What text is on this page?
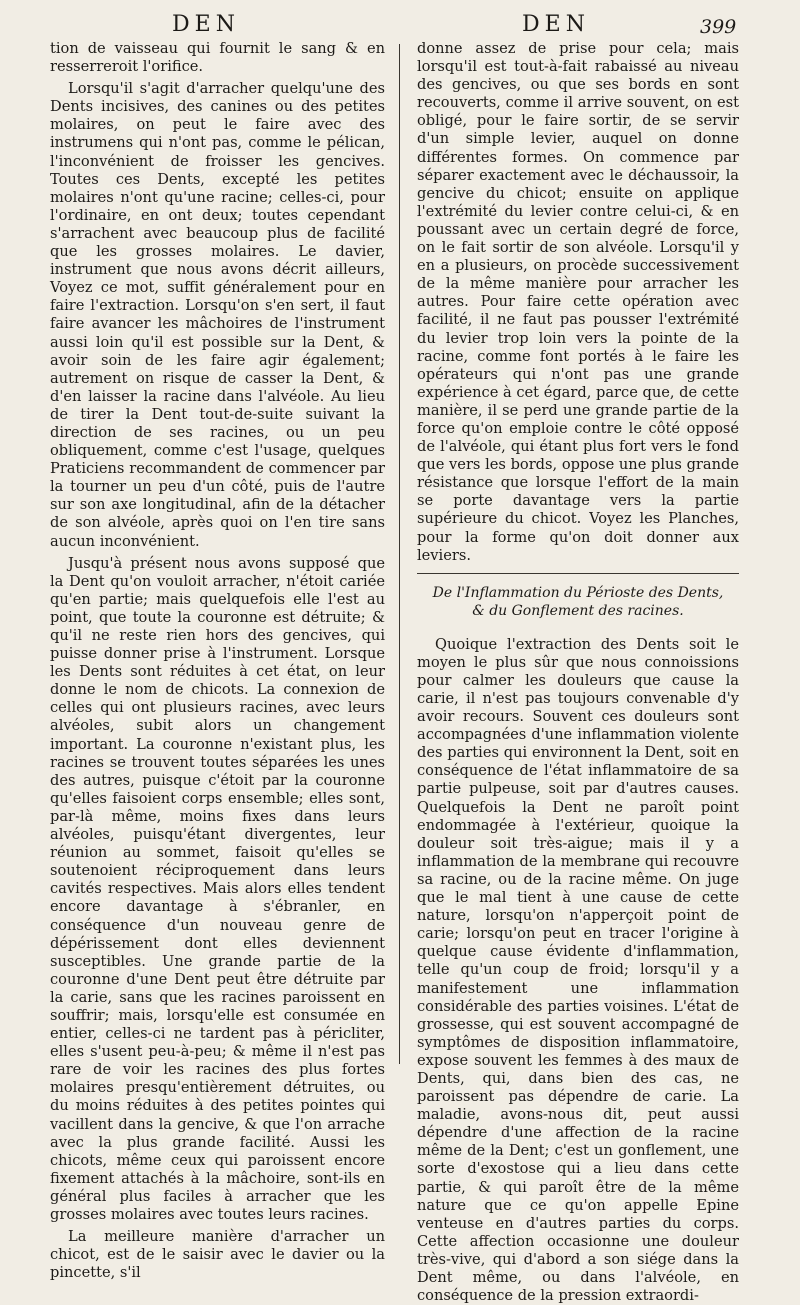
DEN	DEN	399

tion de vaisseau qui fournit le sang & en resserreroit l'orifice.

Lorsqu'il s'agit d'arracher quelqu'une des Dents incisives, des canines ou des petites molaires, on peut le faire avec des instrumens qui n'ont pas, comme le pélican, l'inconvénient de froisser les gencives. Toutes ces Dents, excepté les petites molaires n'ont qu'une racine; celles-ci, pour l'ordinaire, en ont deux; toutes cependant s'arrachent avec beaucoup plus de facilité que les grosses molaires. Le davier, instrument que nous avons décrit ailleurs, Voyez ce mot, suffit généralement pour en faire l'extraction. Lorsqu'on s'en sert, il faut faire avancer les mâchoires de l'instrument aussi loin qu'il est possible sur la Dent, & avoir soin de les faire agir également; autrement on risque de casser la Dent, & d'en laisser la racine dans l'alvéole. Au lieu de tirer la Dent tout-de-suite suivant la direction de ses racines, ou un peu obliquement, comme c'est l'usage, quelques Praticiens recommandent de commencer par la tourner un peu d'un côté, puis de l'autre sur son axe longitudinal, afin de la détacher de son alvéole, après quoi on l'en tire sans aucun inconvénient.

Jusqu'à présent nous avons supposé que la Dent qu'on vouloit arracher, n'étoit cariée qu'en partie; mais quelquefois elle l'est au point, que toute la couronne est détruite; & qu'il ne reste rien hors des gencives, qui puisse donner prise à l'instrument. Lorsque les Dents sont réduites à cet état, on leur donne le nom de chicots. La connexion de celles qui ont plusieurs racines, avec leurs alvéoles, subit alors un changement important. La couronne n'existant plus, les racines se trouvent toutes séparées les unes des autres, puisque c'étoit par la couronne qu'elles faisoient corps ensemble; elles sont, par-là même, moins fixes dans leurs alvéoles, puisqu'étant divergentes, leur réunion au sommet, faisoit qu'elles se soutenoient réciproquement dans leurs cavités respectives. Mais alors elles tendent encore davantage à s'ébranler, en conséquence d'un nouveau genre de dépérissement dont elles deviennent susceptibles. Une grande partie de la couronne d'une Dent peut être détruite par la carie, sans que les racines paroissent en souffrir; mais, lorsqu'elle est consumée en entier, celles-ci ne tardent pas à péricliter, elles s'usent peu-à-peu; & même il n'est pas rare de voir les racines des plus fortes molaires presqu'entièrement détruites, ou du moins réduites à des petites pointes qui vacillent dans la gencive, & que l'on arrache avec la plus grande facilité. Aussi les chicots, même ceux qui paroissent encore fixement attachés à la mâchoire, sont-ils en général plus faciles à arracher que les grosses molaires avec toutes leurs racines.

La meilleure manière d'arracher un chicot, est de le saisir avec le davier ou la pincette, s'il

donne assez de prise pour cela; mais lorsqu'il est tout-à-fait rabaissé au niveau des gencives, ou que ses bords en sont recouverts, comme il arrive souvent, on est obligé, pour le faire sortir, de se servir d'un simple levier, auquel on donne différentes formes. On commence par séparer exactement avec le déchaussoir, la gencive du chicot; ensuite on applique l'extrémité du levier contre celui-ci, & en poussant avec un certain degré de force, on le fait sortir de son alvéole. Lorsqu'il y en a plusieurs, on procède successivement de la même manière pour arracher les autres. Pour faire cette opération avec facilité, il ne faut pas pousser l'extrémité du levier trop loin vers la pointe de la racine, comme font portés à le faire les opérateurs qui n'ont pas une grande expérience à cet égard, parce que, de cette manière, il se perd une grande partie de la force qu'on emploie contre le côté opposé de l'alvéole, qui étant plus fort vers le fond que vers les bords, oppose une plus grande résistance que lorsque l'effort de la main se porte davantage vers la partie supérieure du chicot. Voyez les Planches, pour la forme qu'on doit donner aux leviers.

De l'Inflammation du Périoste des Dents,
& du Gonflement des racines.

Quoique l'extraction des Dents soit le moyen le plus sûr que nous connoissions pour calmer les douleurs que cause la carie, il n'est pas toujours convenable d'y avoir recours. Souvent ces douleurs sont accompagnées d'une inflammation violente des parties qui environnent la Dent, soit en conséquence de l'état inflammatoire de sa partie pulpeuse, soit par d'autres causes. Quelquefois la Dent ne paroît point endommagée à l'extérieur, quoique la douleur soit très-aigue; mais il y a inflammation de la membrane qui recouvre sa racine, ou de la racine même. On juge que le mal tient à une cause de cette nature, lorsqu'on n'apperçoit point de carie; lorsqu'on peut en tracer l'origine à quelque cause évidente d'inflammation, telle qu'un coup de froid; lorsqu'il y a manifestement une inflammation considérable des parties voisines. L'état de grossesse, qui est souvent accompagné de symptômes de disposition inflammatoire, expose souvent les femmes à des maux de Dents, qui, dans bien des cas, ne paroissent pas dépendre de carie. La maladie, avons-nous dit, peut aussi dépendre d'une affection de la racine même de la Dent; c'est un gonflement, une sorte d'exostose qui a lieu dans cette partie, & qui paroît être de la même nature que ce qu'on appelle Epine venteuse en d'autres parties du corps. Cette affection occasionne une douleur très-vive, qui d'abord a son siége dans la Dent même, ou dans l'alvéole, en conséquence de la pression extraordi-
